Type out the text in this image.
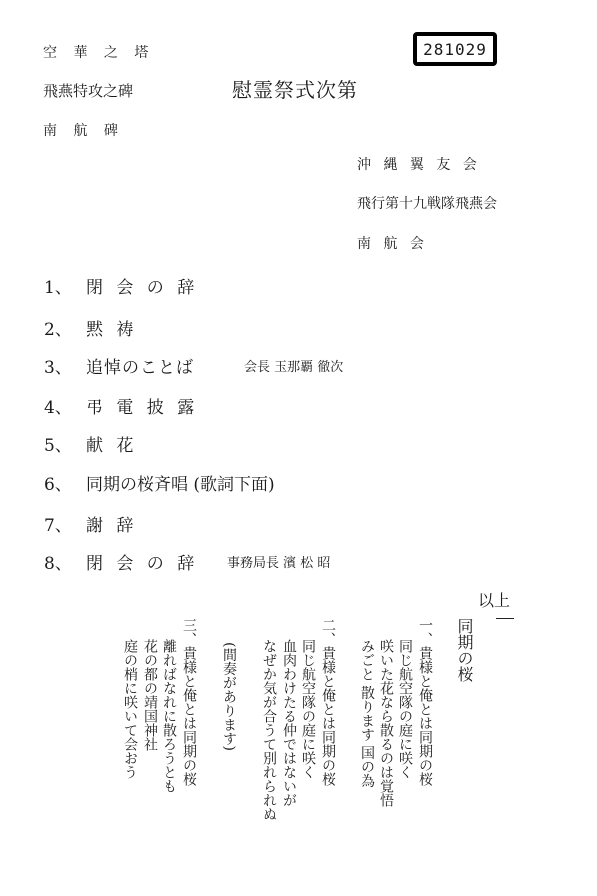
空 華 之 塔
飛燕特攻之碑
南 航 碑
慰霊祭式次第
281029
沖 縄 翼 友 会
飛行第十九戦隊飛燕会
南 航 会
1、 閉 会 の 辞
2、 黙 祷
3、 追悼のことば	会長 玉那覇 徹次
4、 弔 電 披 露
5、 献 花
6、 同期の桜斉唱 (歌詞下面)
7、 謝 辞
8、 閉 会 の 辞 事務局長 濱 松 昭
以上
同期の桜
一、貴様と俺とは同期の桜
同じ航空隊の庭に咲く
咲いた花なら散るのは覚悟
みごと 散ります 国の為
二、貴様と俺とは同期の桜
同じ航空隊の庭に咲く
血肉わけたる仲ではないが
なぜか気が合うて別れられぬ
(間奏があります)
三、貴様と俺とは同期の桜
離ればなれに散ろうとも
花の都の靖国神社
庭の梢に咲いて会おう
